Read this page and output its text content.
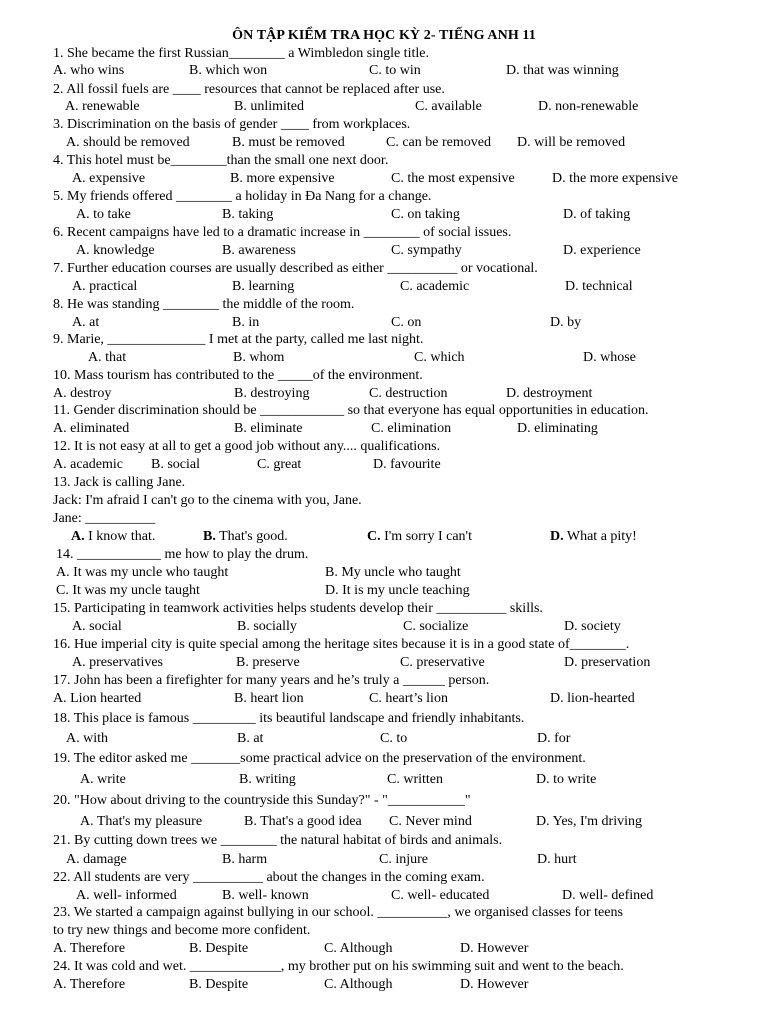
ÔN TẬP KIỂM TRA HỌC KỲ 2- TIẾNG ANH 11
1. She became the first Russian________ a Wimbledon single title.
A. who wins	B. which won	C. to win	D. that was winning
2. All fossil fuels are ____ resources that cannot be replaced after use.
A. renewable	B. unlimited	C. available	D. non-renewable
3. Discrimination on the basis of gender ____ from workplaces.
A. should be removed	B. must be removed	C. can be removed D. will be removed
4. This hotel must be________than the small one next door.
A. expensive	B. more expensive	C. the most expensive	D. the more expensive
5. My friends offered ________ a holiday in Đa Nang for a change.
A. to take	B. taking	C. on taking	D. of taking
6. Recent campaigns have led to a dramatic increase in ________ of social issues.
A. knowledge	B. awareness	C. sympathy	D. experience
7. Further education courses are usually described as either __________ or vocational.
A. practical	B. learning	C. academic	D. technical
8. He was standing ________ the middle of the room.
A. at	B. in	C. on	D. by
9. Marie, ______________ I met at the party, called me last night.
A. that	B. whom	C. which	D. whose
10. Mass tourism has contributed to the _____of the environment.
A. destroy	B. destroying	C. destruction	D. destroyment
11. Gender discrimination should be ____________ so that everyone has equal opportunities in education.
A. eliminated	B. eliminate	C. elimination	D. eliminating
12. It is not easy at all to get a good job without any.... qualifications.
A. academic B. social	C. great	D. favourite
13. Jack is calling Jane.
Jack: I'm afraid I can't go to the cinema with you, Jane.
Jane: __________
A. I know that.	B. That's good.	C. I'm sorry I can't	D. What a pity!
14. ____________ me how to play the drum.
A. It was my uncle who taught	B. My uncle who taught
C. It was my uncle taught	D. It is my uncle teaching
15. Participating in teamwork activities helps students develop their __________ skills.
A. social	B. socially	C. socialize	D. society
16. Hue imperial city is quite special among the heritage sites because it is in a good state of________.
A. preservatives	B. preserve	C. preservative	D. preservation
17. John has been a firefighter for many years and he’s truly a ______ person.
A. Lion hearted	B. heart lion	C. heart’s lion	D. lion-hearted
18. This place is famous _________ its beautiful landscape and friendly inhabitants.
A. with	B. at	C. to	D. for
19. The editor asked me _______some practical advice on the preservation of the environment.
A. write	B. writing	C. written	D. to write
20. "How about driving to the countryside this Sunday?" - "___________"
A. That's my pleasure	B. That's a good idea C. Never mind	D. Yes, I'm driving
21. By cutting down trees we ________ the natural habitat of birds and animals.
A. damage	B. harm	C. injure	D. hurt
22. All students are very __________ about the changes in the coming exam.
A. well- informed	B. well- known	C. well- educated	D. well- defined
23. We started a campaign against bullying in our school. __________, we organised classes for teens
to try new things and become more confident.
A. Therefore	B. Despite	C. Although	D. However
24. It was cold and wet. _____________, my brother put on his swimming suit and went to the beach.
A. Therefore	B. Despite	C. Although	D. However
